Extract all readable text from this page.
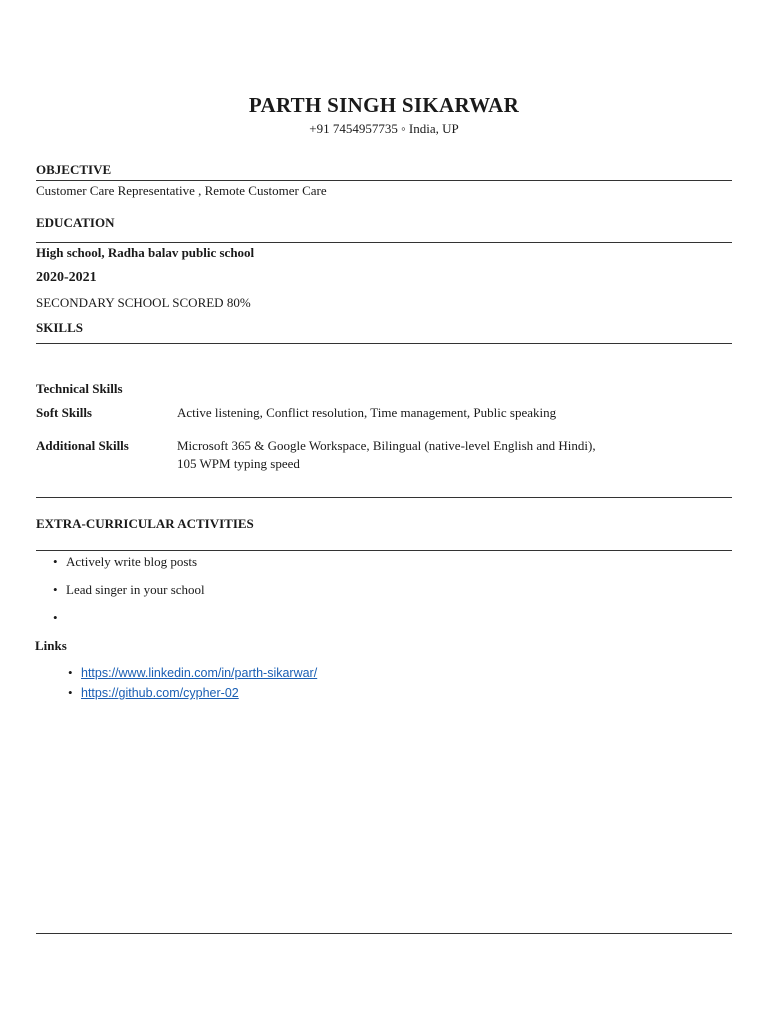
PARTH SINGH SIKARWAR
+91 7454957735 ◦ India, UP
OBJECTIVE
Customer Care Representative , Remote Customer Care
EDUCATION
High school, Radha balav public school
2020-2021
SECONDARY SCHOOL SCORED 80%
SKILLS
Technical Skills
Soft Skills	Active listening, Conflict resolution, Time management, Public speaking
Additional Skills	Microsoft 365 & Google Workspace, Bilingual (native-level English and Hindi), 105 WPM typing speed
EXTRA-CURRICULAR ACTIVITIES
• Actively write blog posts
• Lead singer in your school
•
Links
• https://www.linkedin.com/in/parth-sikarwar/
• https://github.com/cypher-02
